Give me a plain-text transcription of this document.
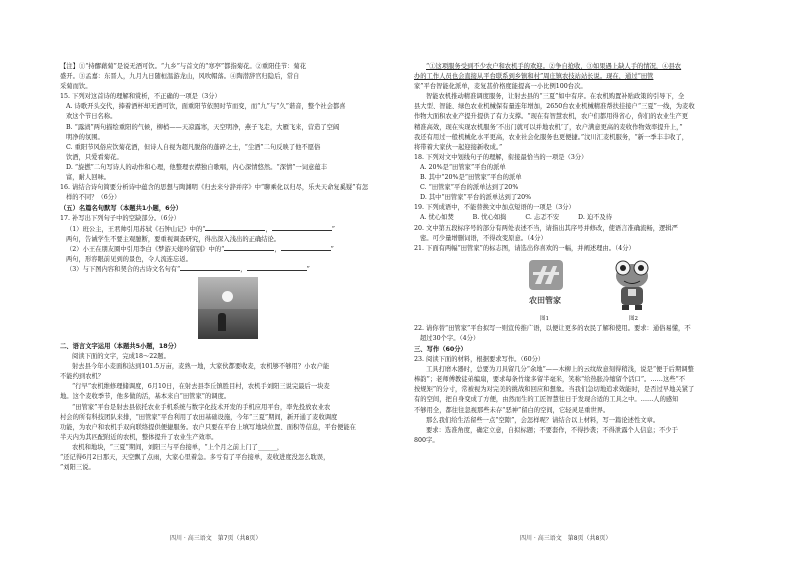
【注】①“持醪藉菊”是说无酒可饮。“九乡”与首文的“寒亭”都指菊花。②重阳佳节：菊花

盛开。③孟嘉：东晋人，九月九日随桓温游龙山，风吹帽落。④陶潜辞官归隐后，常自

采菊而饮。

15. 下列对这首诗的理解和赏析，不正确的一项是（3分）

A. 诗歌开头交代，捧着酒杯却无酒可饮，面重阳节依照时节而变，而“九”与“久”谐音，整个社会都喜

欢这个节日名称。

B. “露渍”两句描绘重阳的气候，柳梢——天凉露寒，天空明净，燕子飞走，大雁飞来，营造了空阔

明净的氛围。

C. 重阳节风俗应饮菊花酒，但诗人自视为超凡脱俗的蓬碎之士，“尘酒”二句反映了他不愿俗

饮酒，只爱看菊花。

D. “旋撚”二句写诗人的动作和心理，他整理衣襟独自歌唱，内心深情悠然。“深情”一词意蕴丰

富，耐人回味。

16. 请结合诗句简要分析诗中蕴含的思想与陶渊明《归去来兮辞并序》中“聊乘化以归尽，乐夫天命复奚疑”有怎

样的不同？（6分）

（五）名篇名句默写（本题共1小题，6分）

17. 补写出下列句子中的空缺部分。（6分）

（1）班公主，王君帅引用苏轼《石钟山记》中的“	，	”

两句，告诫学生不要主观臆断，要重视调查研究，得出深入浅出的正确结论。

（2）小王在朋友圈中引用李白《梦游天姥吟留别》中的“	，	”

两句，形容眼前见到的景色，令人流连忘返。

（3）与下图内容和契合的古诗文名句有“	，	”

二、语言文字运用（本题共5小题，18分）

阅读下面的文字，完成18～22题。

射去县今年小麦面积达到101.5万亩，麦熟一地，大家伙都要收麦，农机够不够用？小农户能

不能约到农机？

“行早”农机维修理储调度，6月10日，在射去县李丘镇胜目村，农机手刘阳三说完最后一块麦

地。这个麦收季节，他多做的活，基本来自“田管家”的调度。

“田管家”平台是射去县依托农业手机系统与数字化技术开发的手机应用平台，率先投放农业农

村会的所有科技团队来排，“田管家”平台利用了农田基础设施，今年“三夏”期间，新开通了麦收调度

功能，为农户和农机手双向联络提供便捷服务。农户只要在平台上填写地块位置、面积等信息，平台便能在

半天内为其匹配附近的农机，整体提升了农业生产效率。

农机和地块，“三夏”期间，刘阳三与平台接单，“上个月之前上门了______，

“还记得6月2日那天，天空飘了点雨，大家心里着急。多亏有了平台接单，麦收进度没怎么耽误，

”刘阳三说。

“①这项服务受到不少农户和农机手的欢迎。②争自抢收，③如果遇上缺人手的情况，④县农

办的工作人员也会直接从平台联系到乡镇和村”周庄镇农技站站长说。现在，通过“田管

家”平台智能化派单，麦复甚价格度能提高一小比例100台次。

智能农机推动精准调度服务，让射去县的“三夏”如中有序。在农机购置补贴政策的引导下，全

县大型、智能、绿色农业机械保有量连年增加，2650台农业机械精准帮扶挂接户“三夏”一线，为麦收

作物大面积农业产提升提供了有力支撑。“现在有智慧农机，农户们都用得省心，你们的农业生产更

精准高效，现在实现农机服务‘不出门就可以并地农机’了，农户满意更高的麦收作物效率提升上，”

我还有用过一般机械化水平更高，农业社会化服务也更便捷。”汶川汇麦机服务，“新一季丰丰收了，

将带着大家伙一起迎接新收成。”

18. 下列对文中划线句子的理解，衔接最恰当的一项是（3分）

A. 20%是“田管家”平台的派单

B. 其中“20%是“田管家”平台的派单

C. “田管家”平台的派单达到了20%

D. 其中“田管家”平台的派单达到了20%

19. 下列成语中，不能替换文中加点短语的一项是（3分）

A. 忧心如焚　　　B. 忧心如捣　　　C. 忐忑不安　　　D. 迫不及待

20. 文中第五段标序号的部分有两处表述不当，请指出其序号并修改，使语言准确流畅，逻辑严

密。可少量增删词语，不得改变原意。（4分）

21. 下面有两幅“田管家”的标志图，请选出你喜欢的一幅，并阐述理由。（4分）

农田管家
图1	图2

22. 请你替“田管家”平台拟写一则宣传推广语，以便让更多的农民了解和使用。要求：通俗易懂，不

超过30个字。（4分）

三、写作（60分）

23. 阅读下面的材料，根据要求写作。（60分）

工具打磨木器时，总要为刀具留几分“余地”——木柳上的云纹故意刻得稍浅，说是“便于后期调整

棒韵”；老师傅教徒弟编扇，要求每条竹缘多留半毫米，笑称“给热胀冷缩留个活口”。……这些“不

按规矩”的分寸，常被视为对完美的挑战和回应和想象。当我们急切地追求效能时，是否过早地关紧了

有的空间，把自身变成了方便，由然而生的工匠智慧往日于发现合适的工具之中。……人的感知

不够用全，都往往忽视那些未存“恶神”留白的空间，它轻灵足重世界。

那么我们给生活留些一点“空隙”，会怎样呢？请结合以上材料，写一篇论述性文章。

要求：选准角度，确定立意，自拟标题；不要套作，不得抄袭；不得泄露个人信息；不少于

800字。

四川 · 高三语文　第7页（共8页）	四川 · 高三语文　第8页（共8页）
